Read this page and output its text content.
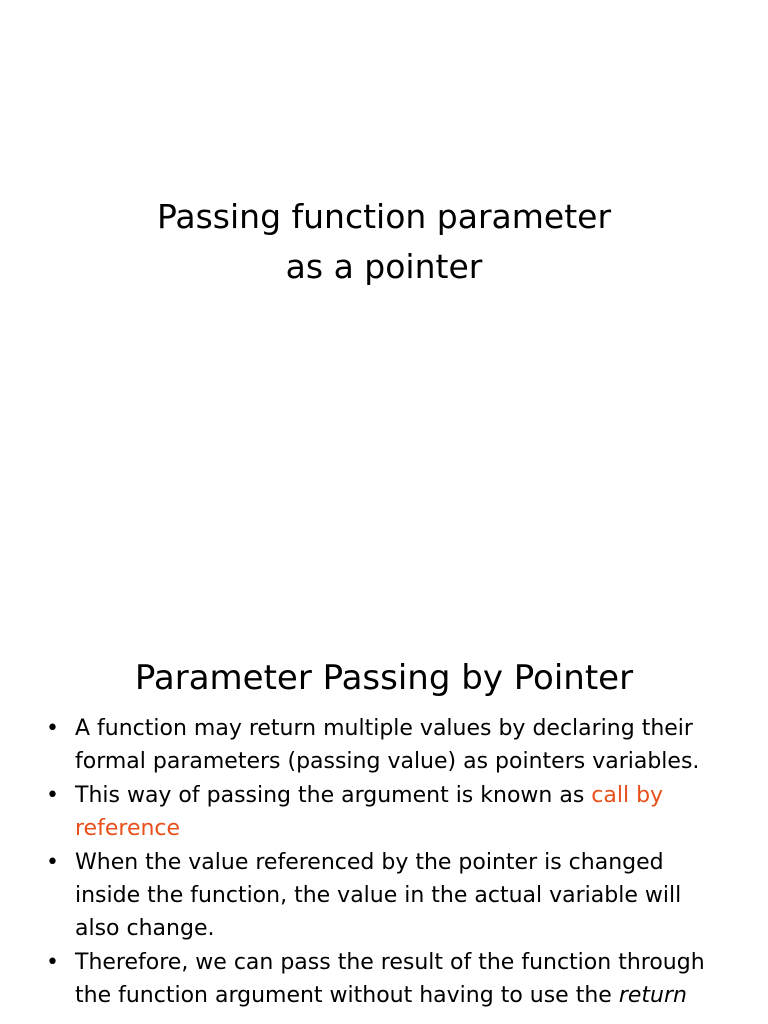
Passing function parameter
as a pointer
Parameter Passing by Pointer
• A function may return multiple values by declaring their
formal parameters (passing value) as pointers variables.
• This way of passing the argument is known as call by
reference
• When the value referenced by the pointer is changed
inside the function, the value in the actual variable will
also change.
• Therefore, we can pass the result of the function through
the function argument without having to use the return
